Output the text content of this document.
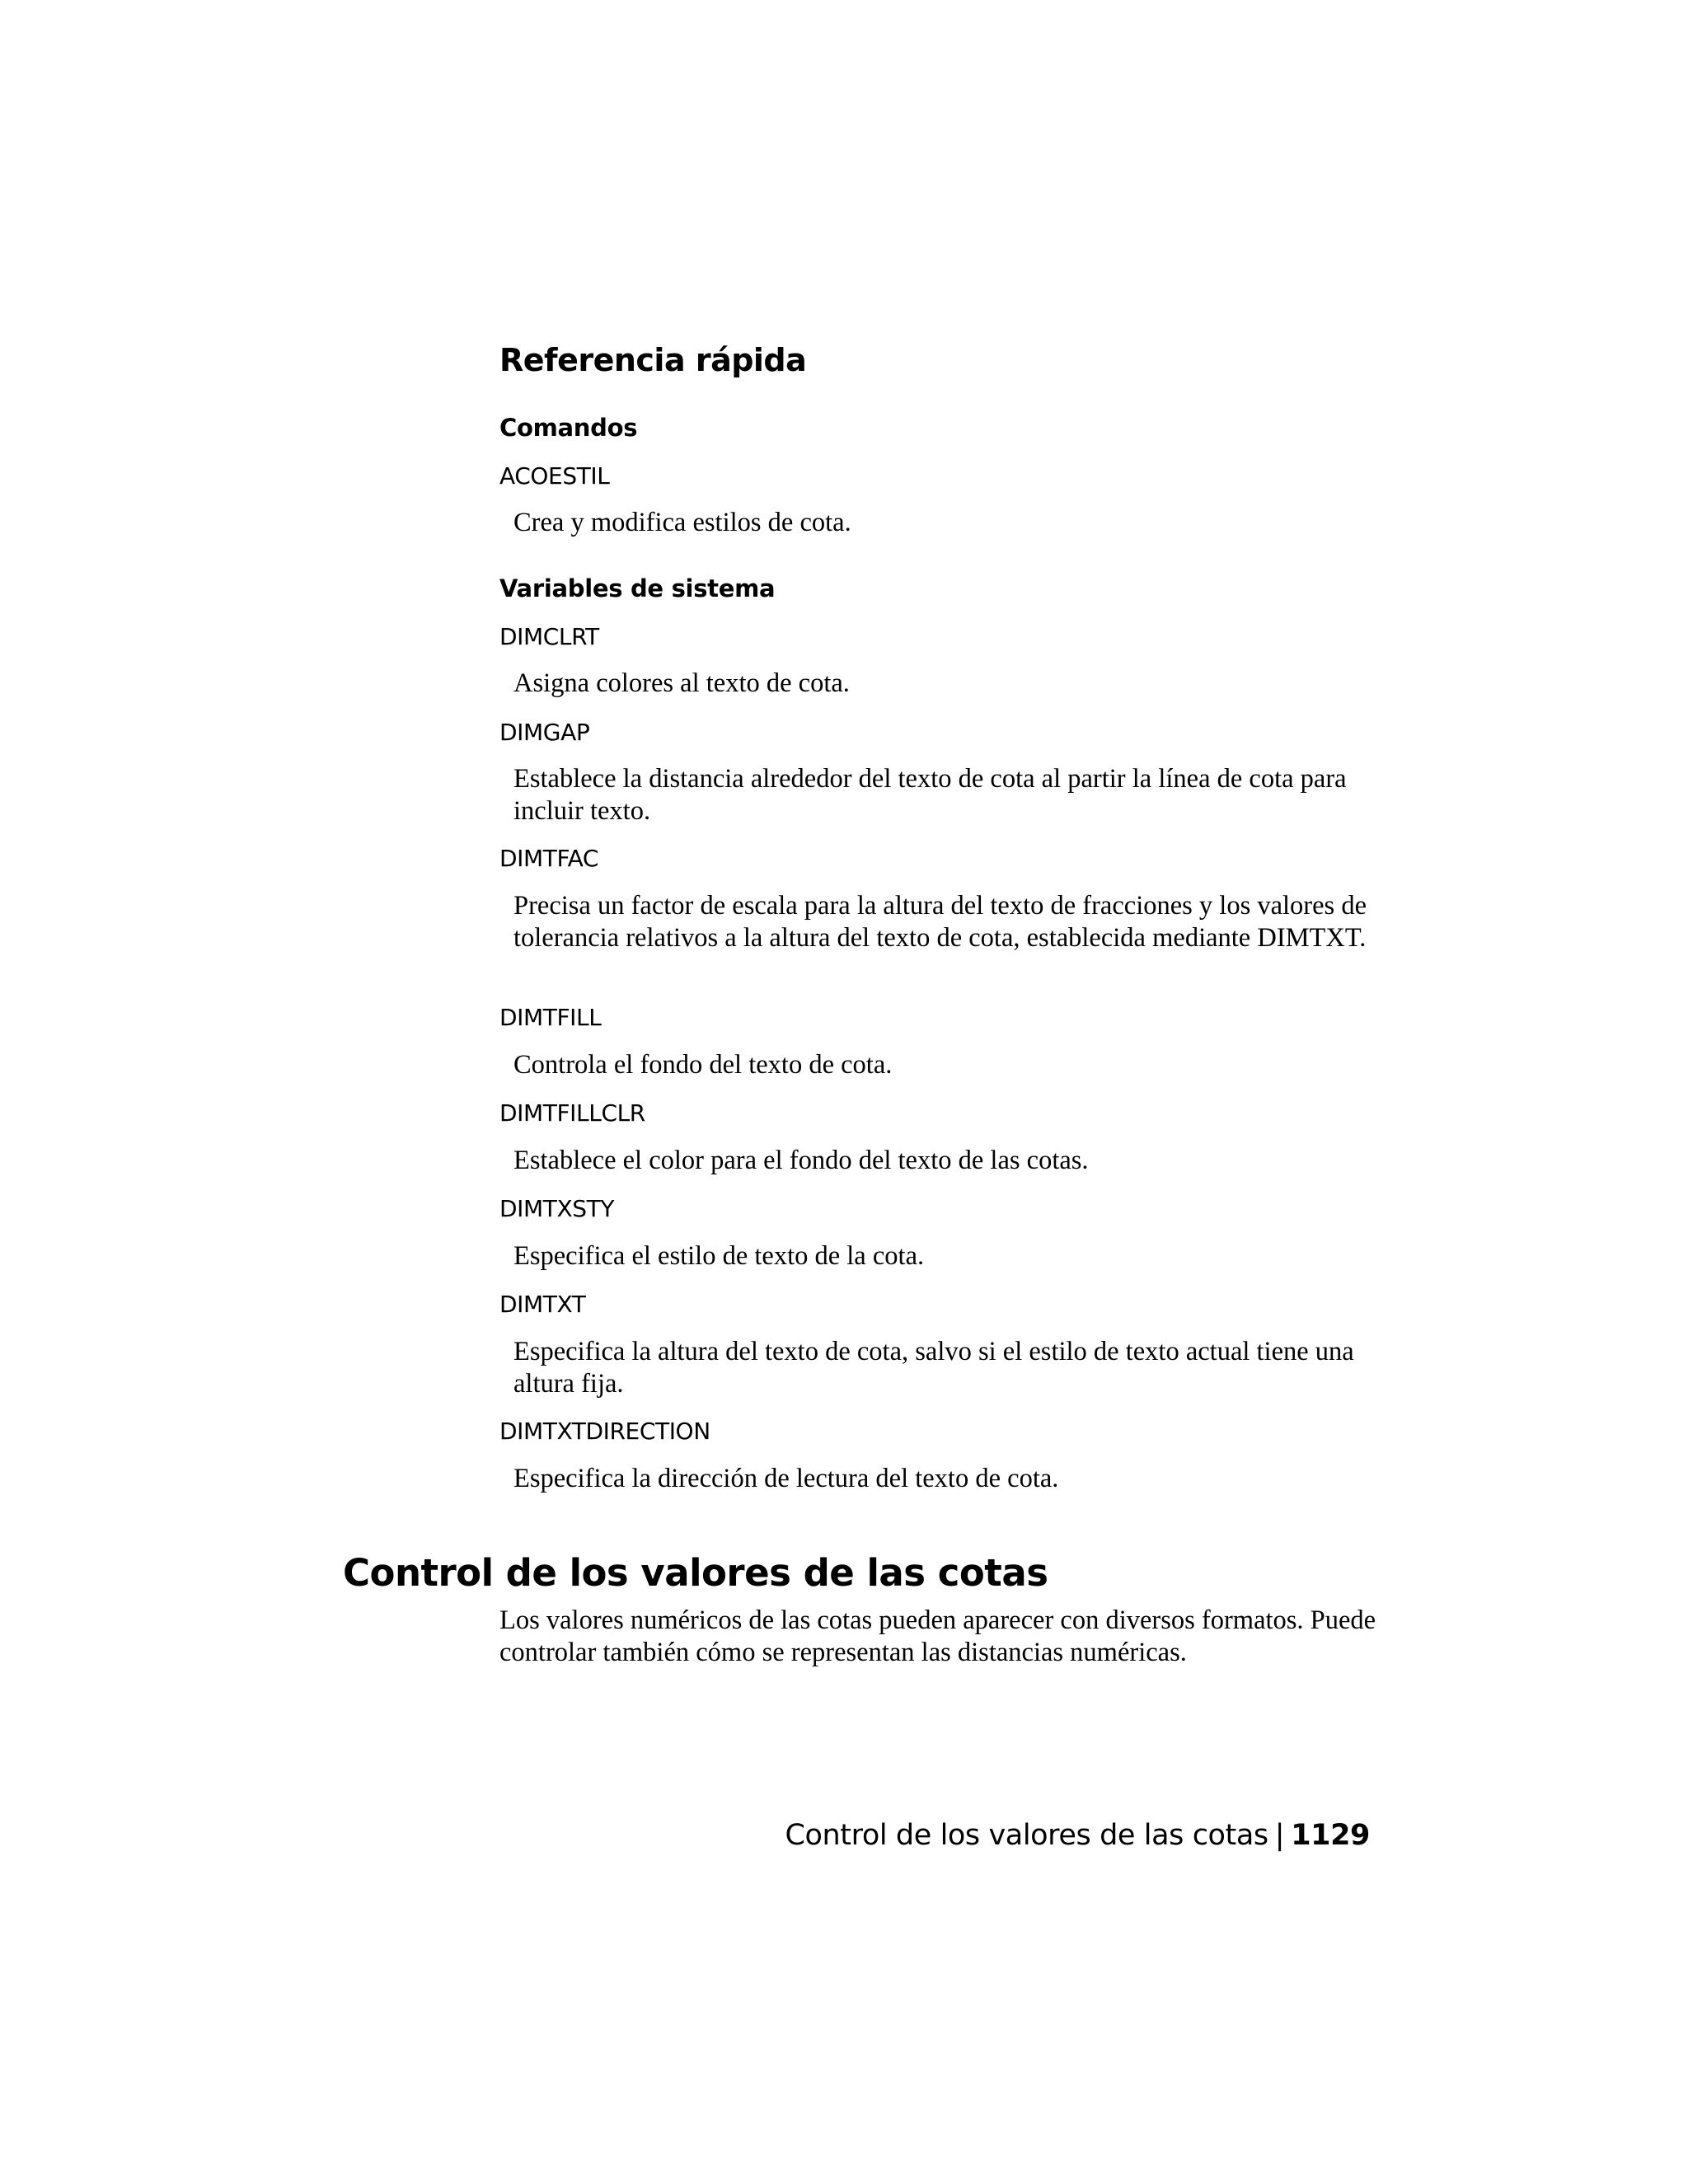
Referencia rápida
Comandos
ACOESTIL
Crea y modifica estilos de cota.
Variables de sistema
DIMCLRT
Asigna colores al texto de cota.
DIMGAP
Establece la distancia alrededor del texto de cota al partir la línea de cota para incluir texto.
DIMTFAC
Precisa un factor de escala para la altura del texto de fracciones y los valores de tolerancia relativos a la altura del texto de cota, establecida mediante DIMTXT.
DIMTFILL
Controla el fondo del texto de cota.
DIMTFILLCLR
Establece el color para el fondo del texto de las cotas.
DIMTXSTY
Especifica el estilo de texto de la cota.
DIMTXT
Especifica la altura del texto de cota, salvo si el estilo de texto actual tiene una altura fija.
DIMTXTDIRECTION
Especifica la dirección de lectura del texto de cota.
Control de los valores de las cotas
Los valores numéricos de las cotas pueden aparecer con diversos formatos. Puede controlar también cómo se representan las distancias numéricas.
Control de los valores de las cotas | 1129
